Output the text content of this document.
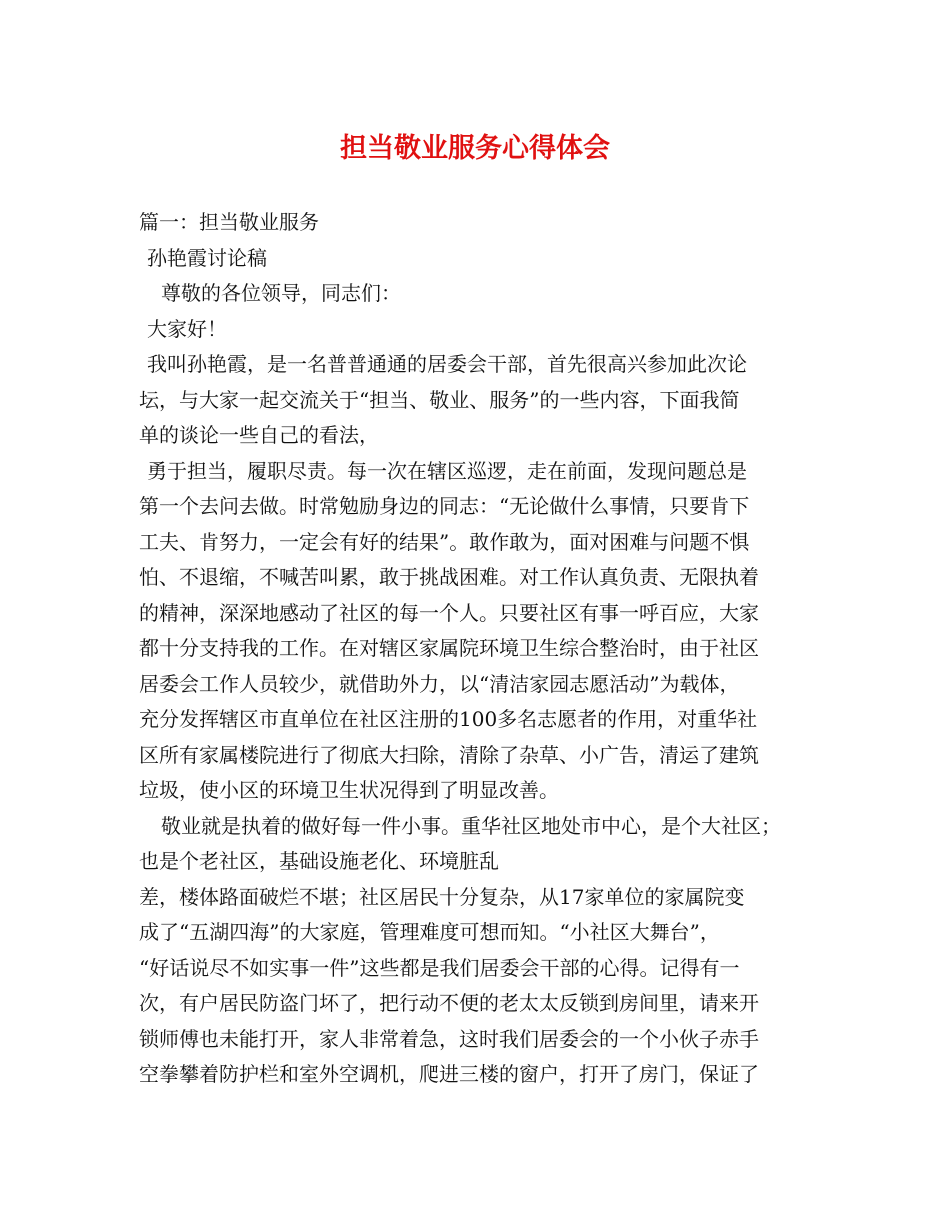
担当敬业服务心得体会
篇一：担当敬业服务
孙艳霞讨论稿
尊敬的各位领导，同志们：
大家好！
我叫孙艳霞，是一名普普通通的居委会干部，首先很高兴参加此次论
坛，与大家一起交流关于“担当、敬业、服务”的一些内容，下面我简
单的谈论一些自己的看法，
勇于担当，履职尽责。每一次在辖区巡逻，走在前面，发现问题总是
第一个去问去做。时常勉励身边的同志：“无论做什么事情，只要肯下
工夫、肯努力，一定会有好的结果”。敢作敢为，面对困难与问题不惧
怕、不退缩，不喊苦叫累，敢于挑战困难。对工作认真负责、无限执着
的精神，深深地感动了社区的每一个人。只要社区有事一呼百应，大家
都十分支持我的工作。在对辖区家属院环境卫生综合整治时，由于社区
居委会工作人员较少，就借助外力，以“清洁家园志愿活动”为载体，
充分发挥辖区市直单位在社区注册的100多名志愿者的作用，对重华社
区所有家属楼院进行了彻底大扫除，清除了杂草、小广告，清运了建筑
垃圾，使小区的环境卫生状况得到了明显改善。
敬业就是执着的做好每一件小事。重华社区地处市中心，是个大社区；
也是个老社区，基础设施老化、环境脏乱
差，楼体路面破烂不堪；社区居民十分复杂，从17家单位的家属院变
成了“五湖四海”的大家庭，管理难度可想而知。“小社区大舞台”，
“好话说尽不如实事一件”这些都是我们居委会干部的心得。记得有一
次，有户居民防盗门坏了，把行动不便的老太太反锁到房间里，请来开
锁师傅也未能打开，家人非常着急，这时我们居委会的一个小伙子赤手
空拳攀着防护栏和室外空调机，爬进三楼的窗户，打开了房门，保证了
